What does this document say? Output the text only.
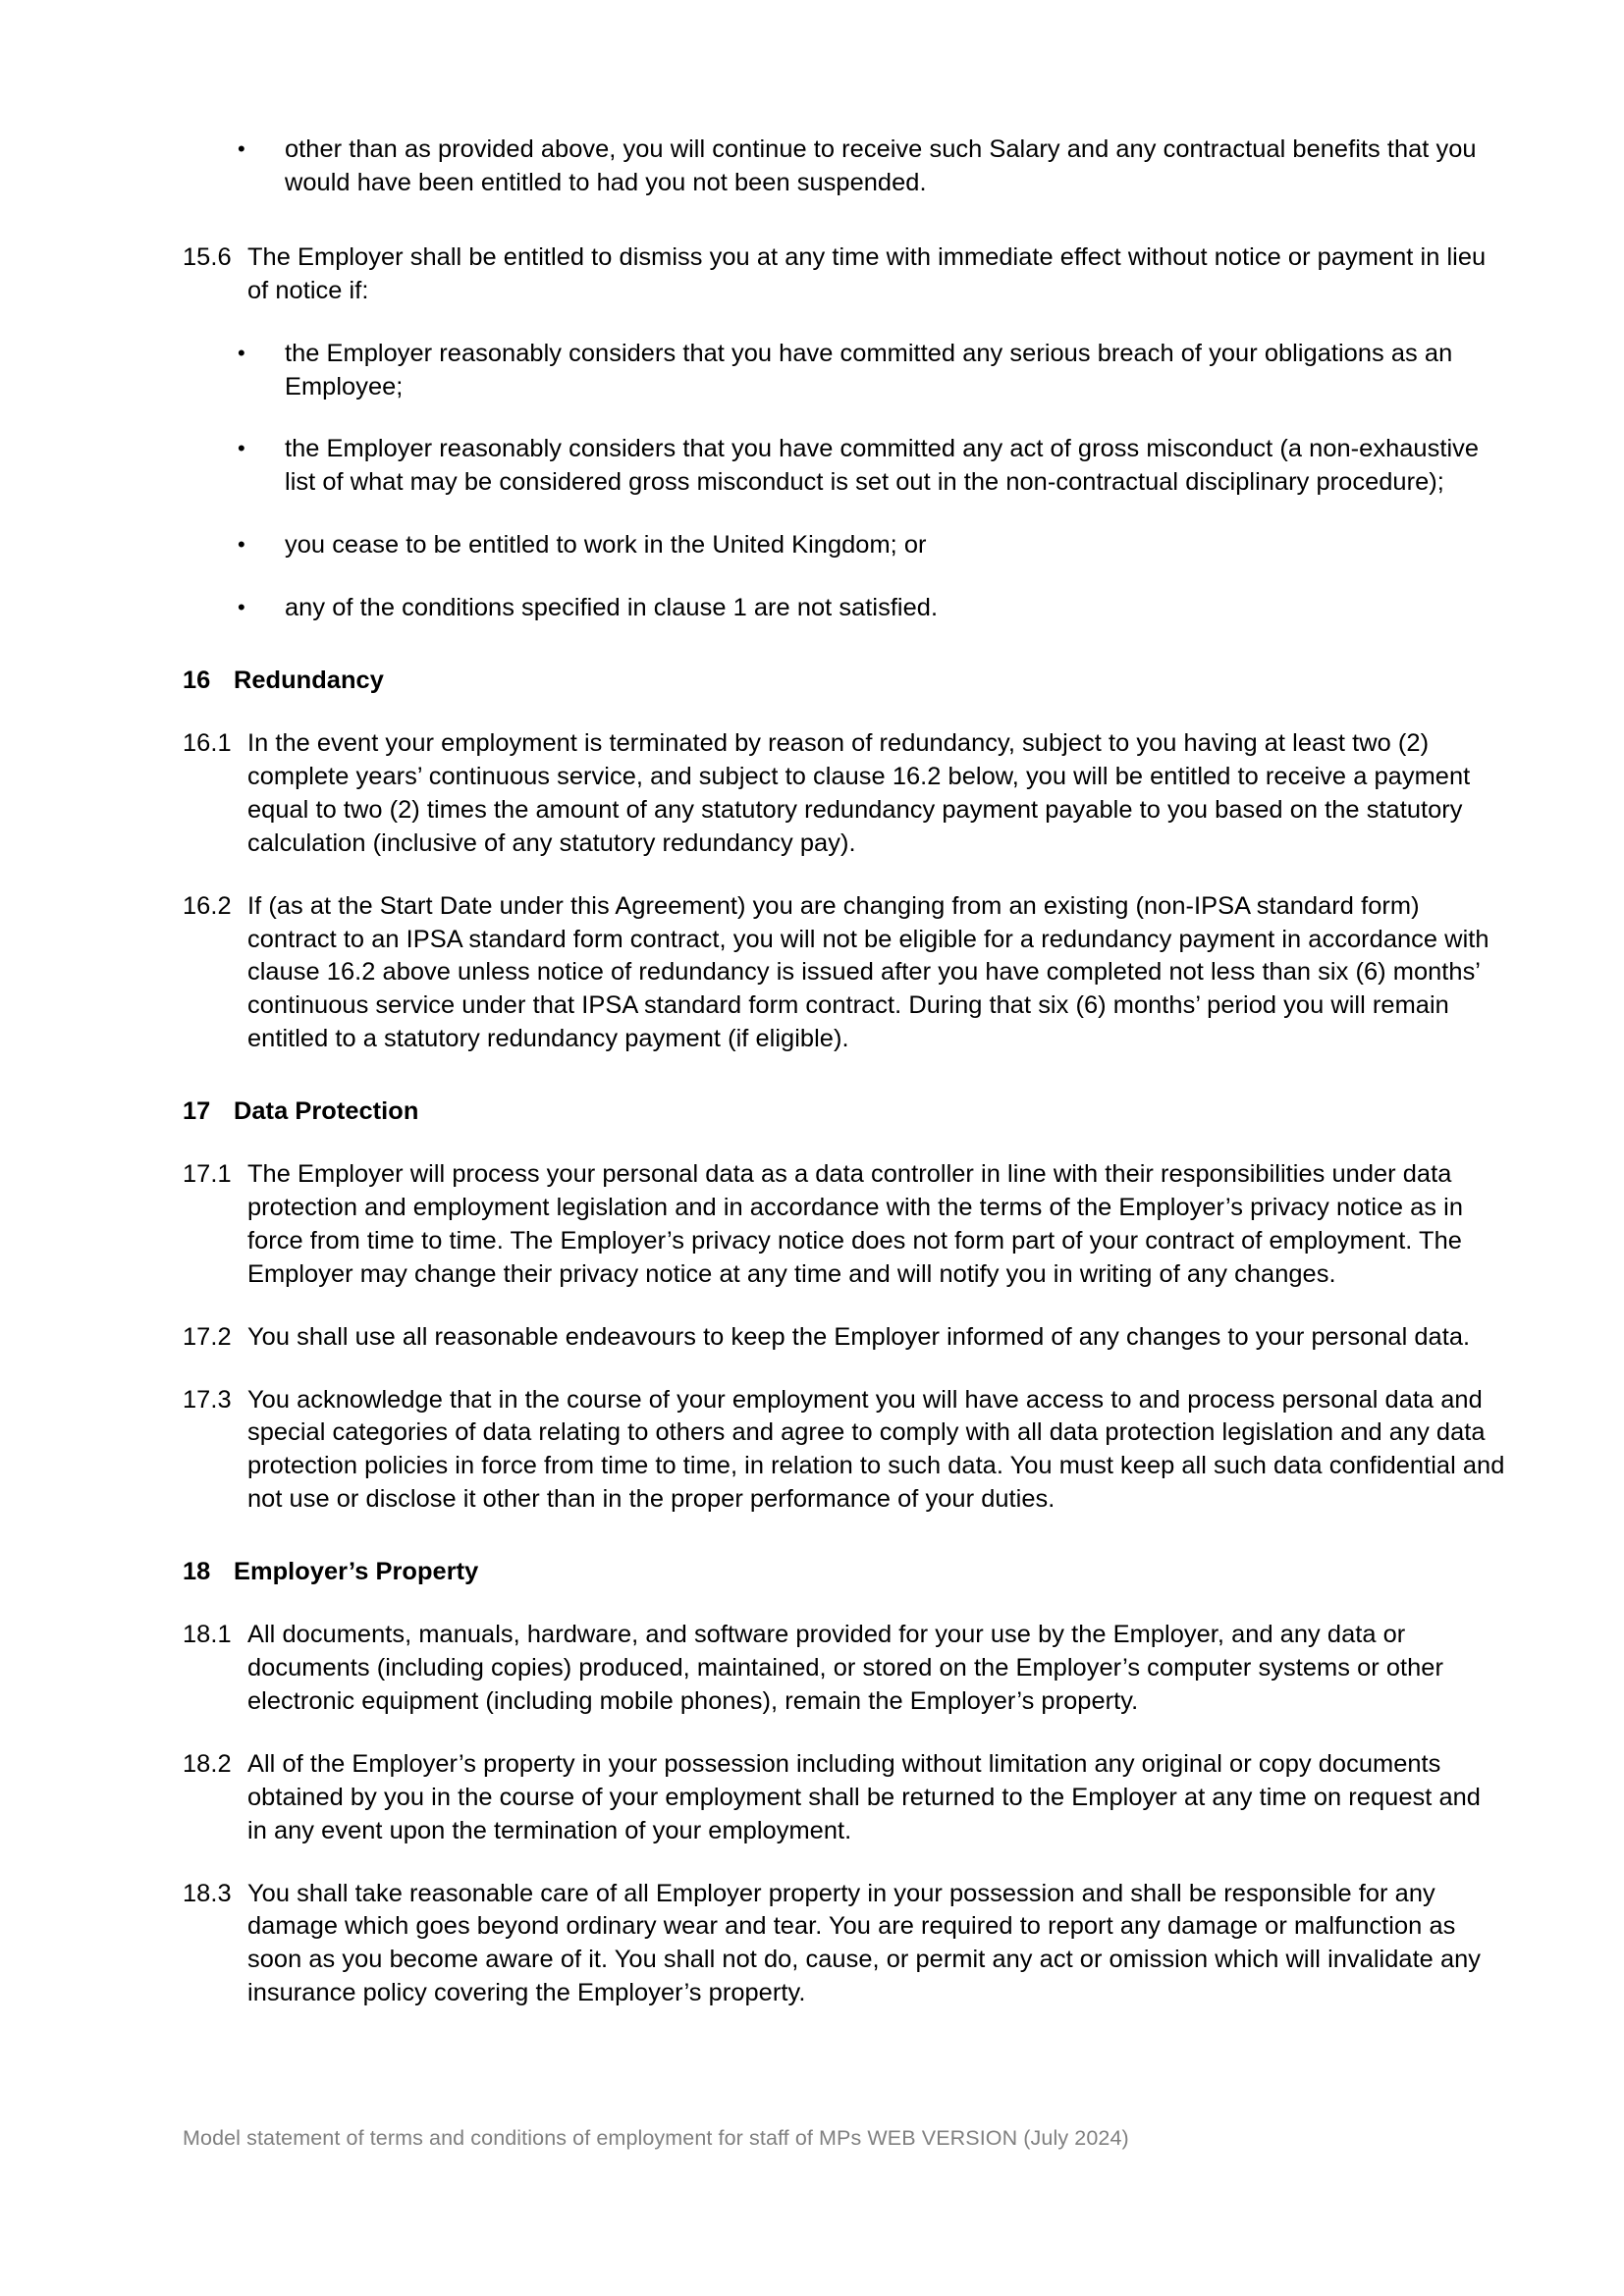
•	other than as provided above, you will continue to receive such Salary and any contractual benefits that you would have been entitled to had you not been suspended.
15.6 The Employer shall be entitled to dismiss you at any time with immediate effect without notice or payment in lieu of notice if:
•	the Employer reasonably considers that you have committed any serious breach of your obligations as an Employee;
•	the Employer reasonably considers that you have committed any act of gross misconduct (a non-exhaustive list of what may be considered gross misconduct is set out in the non-contractual disciplinary procedure);
•	you cease to be entitled to work in the United Kingdom; or
•	any of the conditions specified in clause 1 are not satisfied.
16 Redundancy
16.1 In the event your employment is terminated by reason of redundancy, subject to you having at least two (2) complete years’ continuous service, and subject to clause 16.2 below, you will be entitled to receive a payment equal to two (2) times the amount of any statutory redundancy payment payable to you based on the statutory calculation (inclusive of any statutory redundancy pay).
16.2 If (as at the Start Date under this Agreement) you are changing from an existing (non-IPSA standard form) contract to an IPSA standard form contract, you will not be eligible for a redundancy payment in accordance with clause 16.2 above unless notice of redundancy is issued after you have completed not less than six (6) months’ continuous service under that IPSA standard form contract. During that six (6) months’ period you will remain entitled to a statutory redundancy payment (if eligible).
17 Data Protection
17.1 The Employer will process your personal data as a data controller in line with their responsibilities under data protection and employment legislation and in accordance with the terms of the Employer’s privacy notice as in force from time to time. The Employer’s privacy notice does not form part of your contract of employment. The Employer may change their privacy notice at any time and will notify you in writing of any changes.
17.2 You shall use all reasonable endeavours to keep the Employer informed of any changes to your personal data.
17.3 You acknowledge that in the course of your employment you will have access to and process personal data and special categories of data relating to others and agree to comply with all data protection legislation and any data protection policies in force from time to time, in relation to such data. You must keep all such data confidential and not use or disclose it other than in the proper performance of your duties.
18 Employer’s Property
18.1 All documents, manuals, hardware, and software provided for your use by the Employer, and any data or documents (including copies) produced, maintained, or stored on the Employer’s computer systems or other electronic equipment (including mobile phones), remain the Employer’s property.
18.2 All of the Employer’s property in your possession including without limitation any original or copy documents obtained by you in the course of your employment shall be returned to the Employer at any time on request and in any event upon the termination of your employment.
18.3 You shall take reasonable care of all Employer property in your possession and shall be responsible for any damage which goes beyond ordinary wear and tear. You are required to report any damage or malfunction as soon as you become aware of it. You shall not do, cause, or permit any act or omission which will invalidate any insurance policy covering the Employer’s property.
Model statement of terms and conditions of employment for staff of MPs WEB VERSION (July 2024)
